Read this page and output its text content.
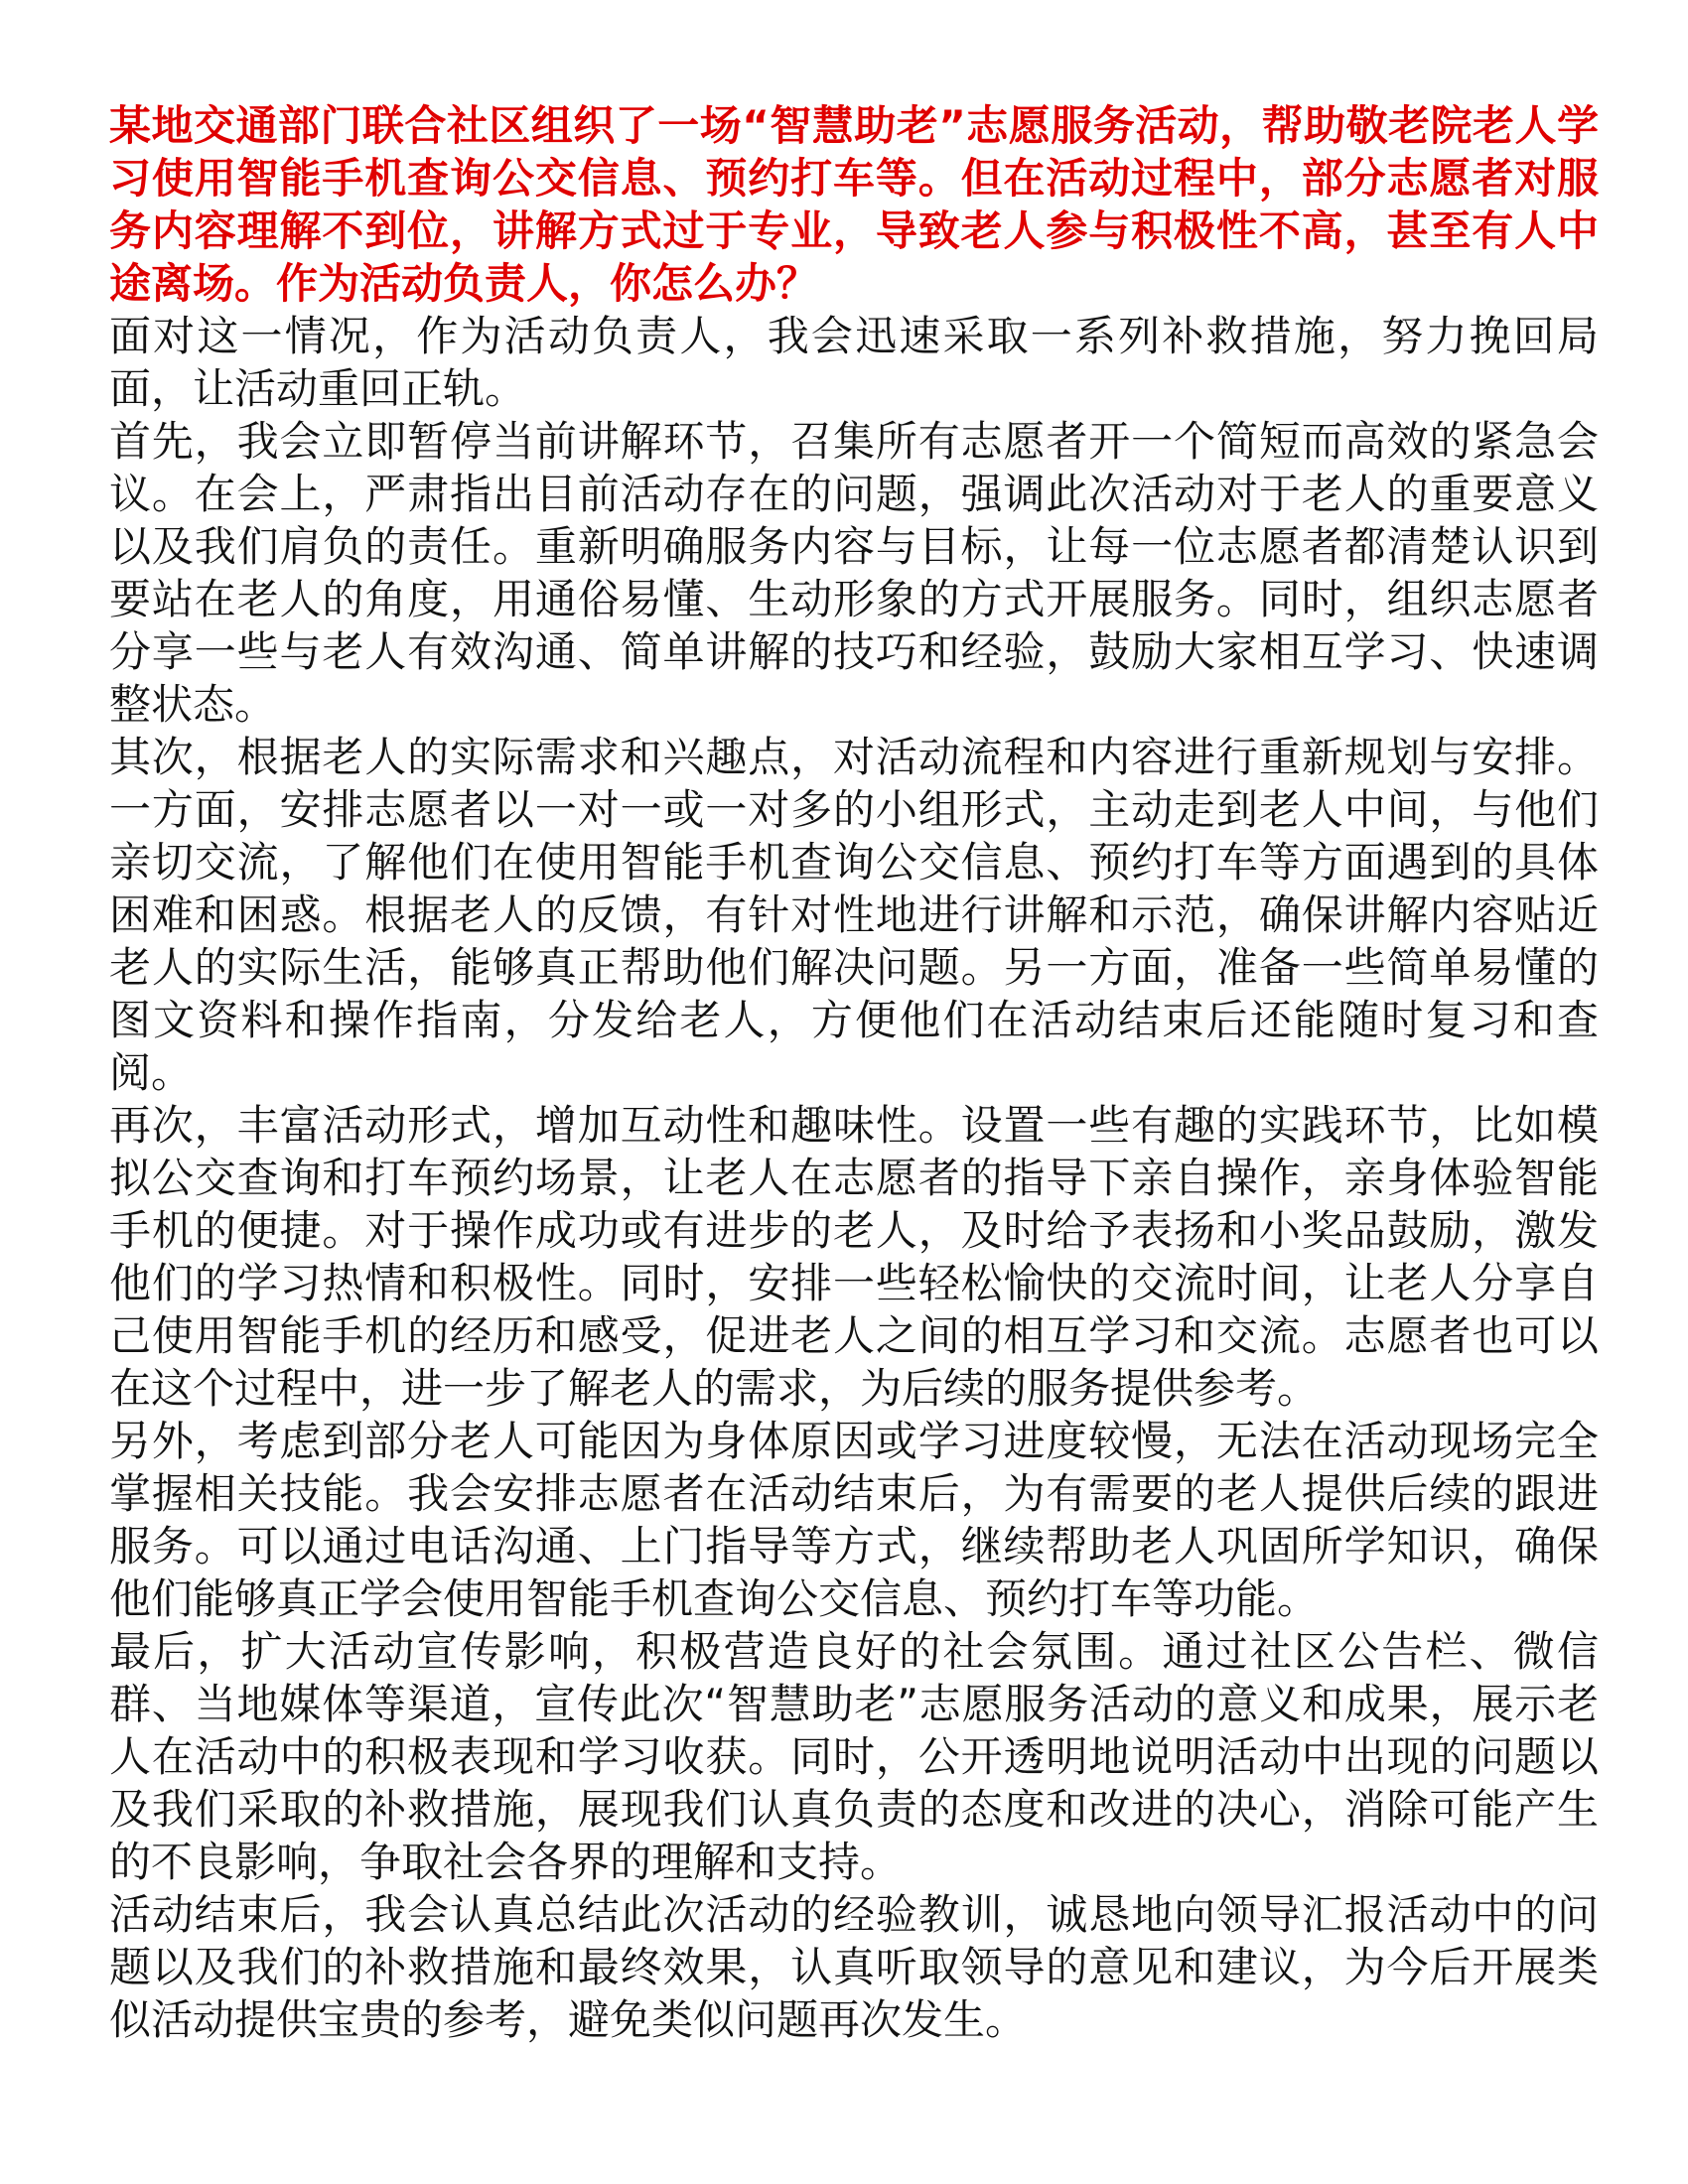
某地交通部门联合社区组织了一场“智慧助老”志愿服务活动，帮助敬老院老人学习使用智能手机查询公交信息、预约打车等。但在活动过程中，部分志愿者对服务内容理解不到位，讲解方式过于专业，导致老人参与积极性不高，甚至有人中途离场。作为活动负责人，你怎么办？

面对这一情况，作为活动负责人，我会迅速采取一系列补救措施，努力挽回局面，让活动重回正轨。

首先，我会立即暂停当前讲解环节，召集所有志愿者开一个简短而高效的紧急会议。在会上，严肃指出目前活动存在的问题，强调此次活动对于老人的重要意义以及我们肩负的责任。重新明确服务内容与目标，让每一位志愿者都清楚认识到要站在老人的角度，用通俗易懂、生动形象的方式开展服务。同时，组织志愿者分享一些与老人有效沟通、简单讲解的技巧和经验，鼓励大家相互学习、快速调整状态。

其次，根据老人的实际需求和兴趣点，对活动流程和内容进行重新规划与安排。一方面，安排志愿者以一对一或一对多的小组形式，主动走到老人中间，与他们亲切交流，了解他们在使用智能手机查询公交信息、预约打车等方面遇到的具体困难和困惑。根据老人的反馈，有针对性地进行讲解和示范，确保讲解内容贴近老人的实际生活，能够真正帮助他们解决问题。另一方面，准备一些简单易懂的图文资料和操作指南，分发给老人，方便他们在活动结束后还能随时复习和查阅。

再次，丰富活动形式，增加互动性和趣味性。设置一些有趣的实践环节，比如模拟公交查询和打车预约场景，让老人在志愿者的指导下亲自操作，亲身体验智能手机的便捷。对于操作成功或有进步的老人，及时给予表扬和小奖品鼓励，激发他们的学习热情和积极性。同时，安排一些轻松愉快的交流时间，让老人分享自己使用智能手机的经历和感受，促进老人之间的相互学习和交流。志愿者也可以在这个过程中，进一步了解老人的需求，为后续的服务提供参考。

另外，考虑到部分老人可能因为身体原因或学习进度较慢，无法在活动现场完全掌握相关技能。我会安排志愿者在活动结束后，为有需要的老人提供后续的跟进服务。可以通过电话沟通、上门指导等方式，继续帮助老人巩固所学知识，确保他们能够真正学会使用智能手机查询公交信息、预约打车等功能。

最后，扩大活动宣传影响，积极营造良好的社会氛围。通过社区公告栏、微信群、当地媒体等渠道，宣传此次“智慧助老”志愿服务活动的意义和成果，展示老人在活动中的积极表现和学习收获。同时，公开透明地说明活动中出现的问题以及我们采取的补救措施，展现我们认真负责的态度和改进的决心，消除可能产生的不良影响，争取社会各界的理解和支持。

活动结束后，我会认真总结此次活动的经验教训，诚恳地向领导汇报活动中的问题以及我们的补救措施和最终效果，认真听取领导的意见和建议，为今后开展类似活动提供宝贵的参考，避免类似问题再次发生。
